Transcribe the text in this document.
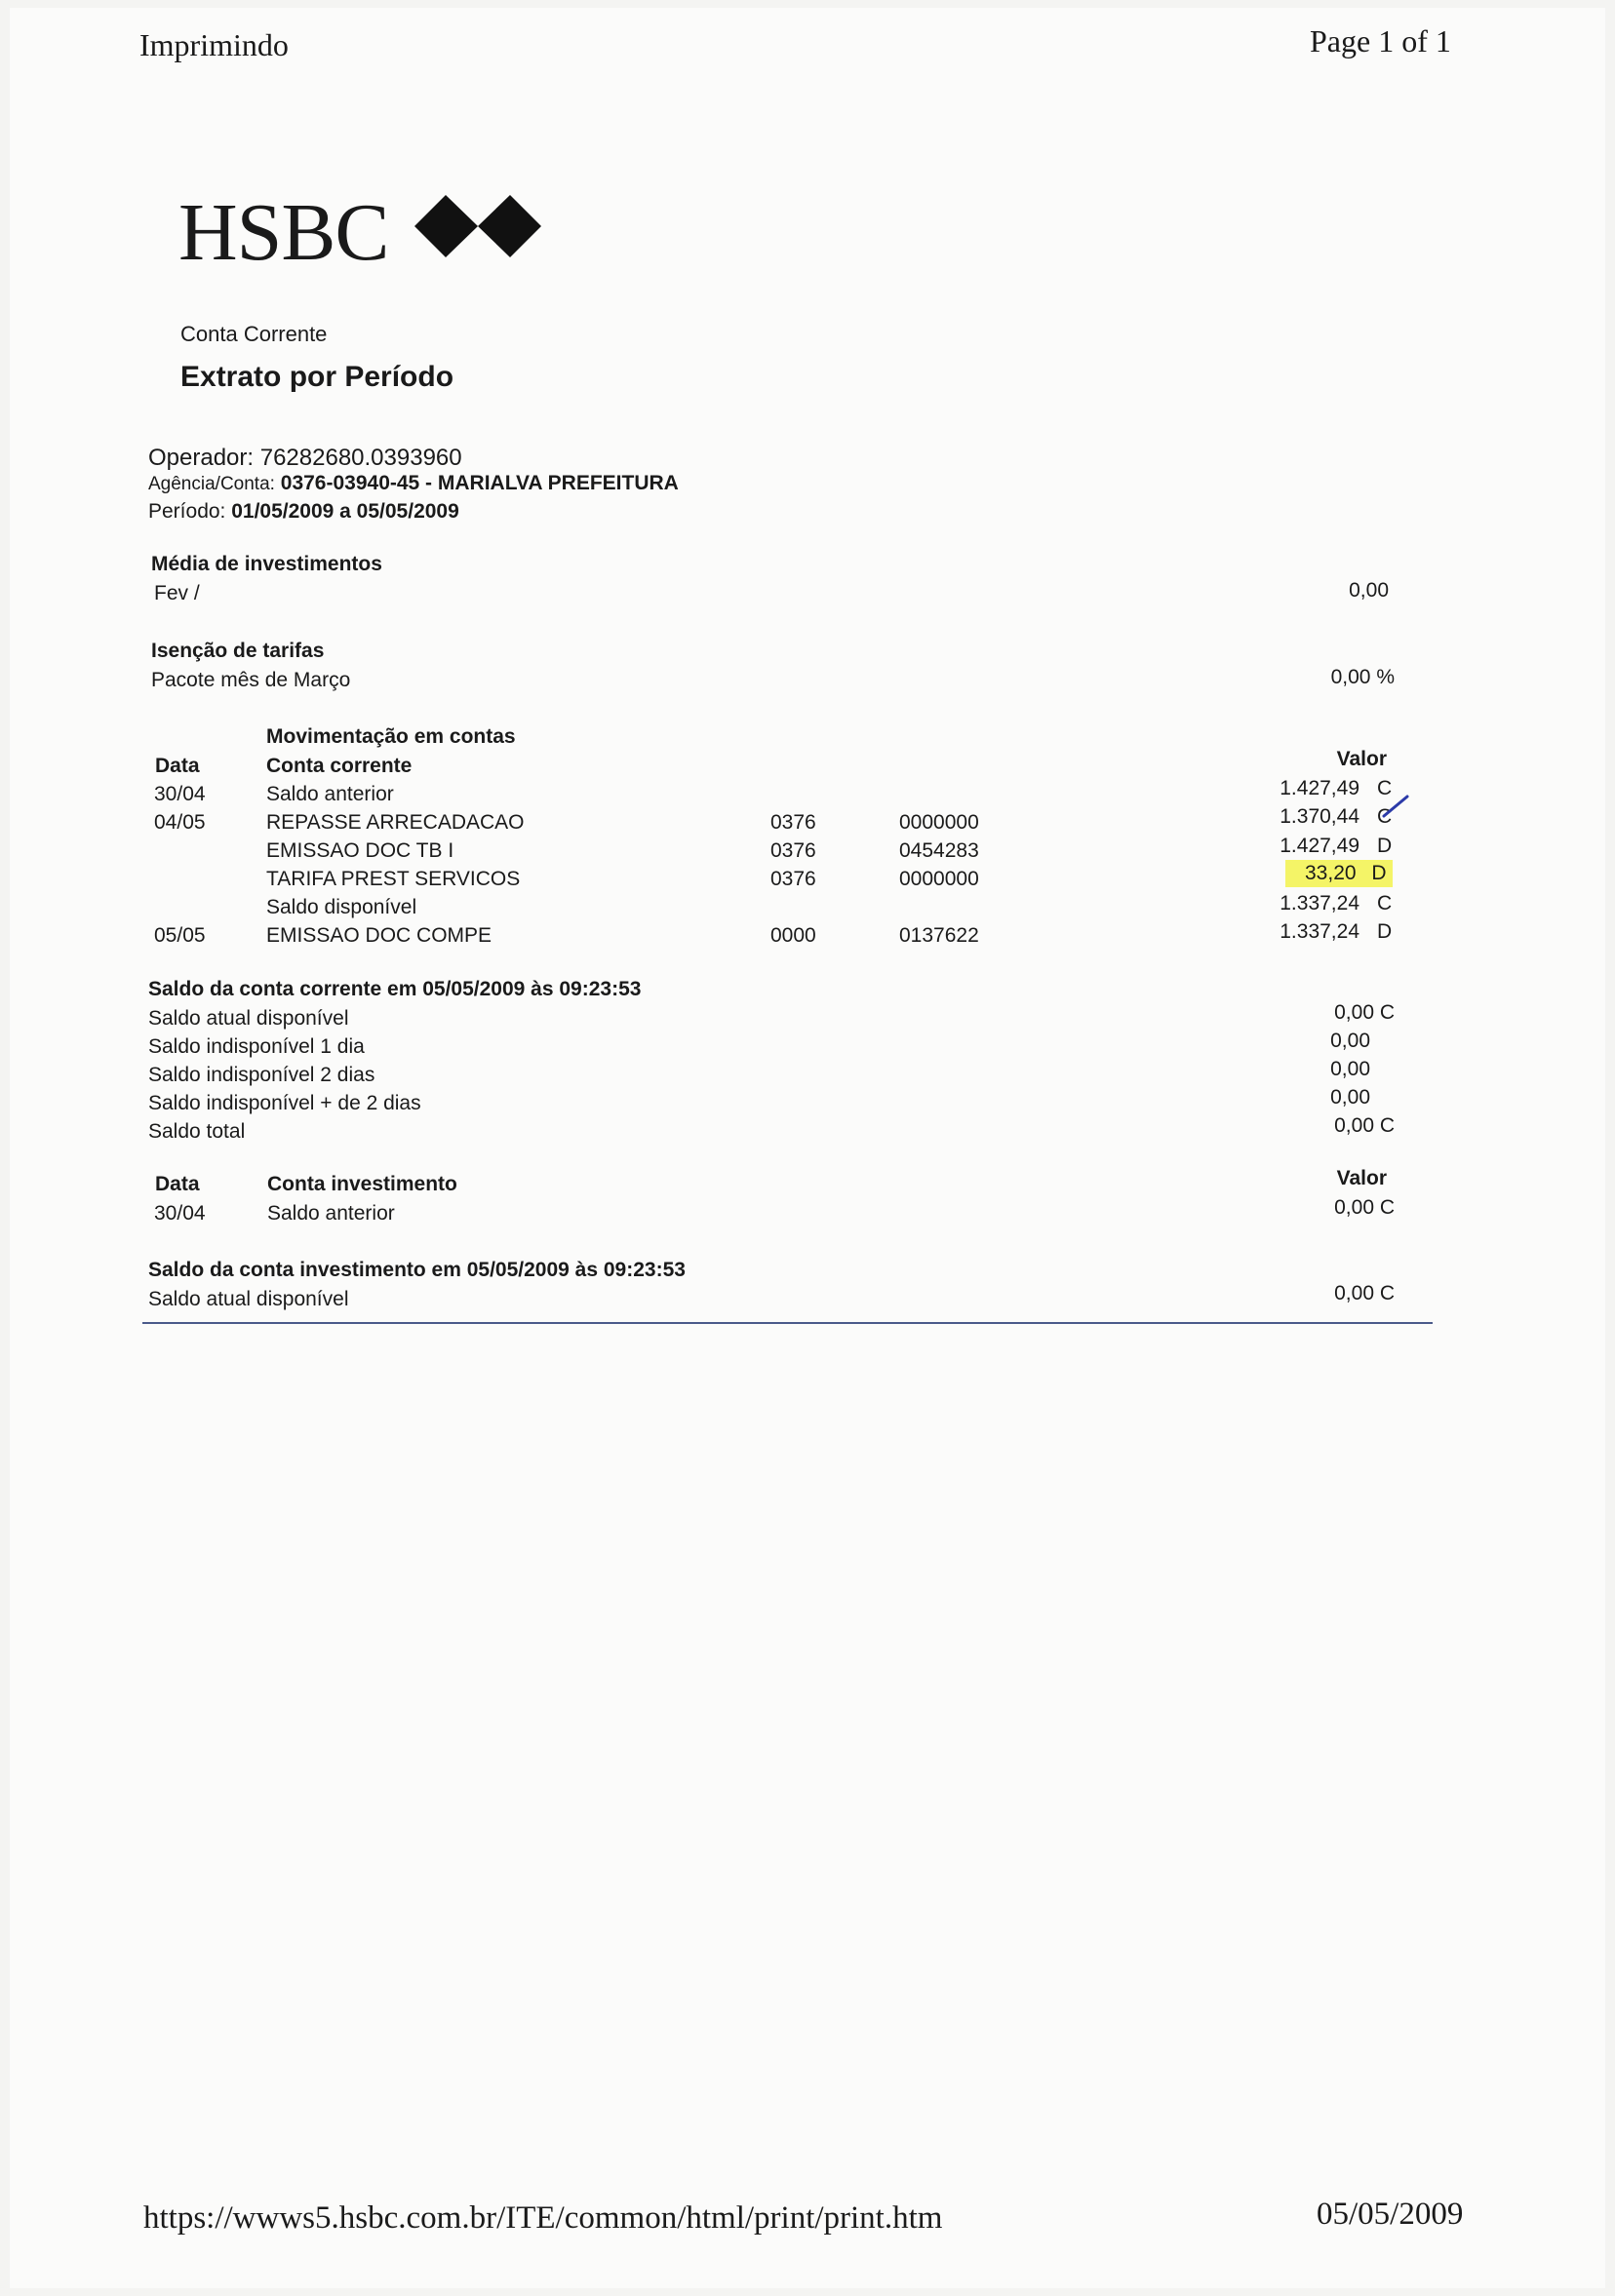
Imprimindo	Page 1 of 1
HSBC
Conta Corrente
Extrato por Período
Operador: 76282680.0393960
Agência/Conta: 0376-03940-45 - MARIALVA PREFEITURA
Período: 01/05/2009 a 05/05/2009
Média de investimentos
Fev /	0,00
Isenção de tarifas
Pacote mês de Março	0,00 %
Movimentação em contas
Data	Conta corrente	Valor
30/04	Saldo anterior	1.427,49 C
04/05	REPASSE ARRECADACAO	0376	0000000	1.370,44 C
EMISSAO DOC TB I	0376	0454283	1.427,49 D
TARIFA PREST SERVICOS	0376	0000000	33,20 D
Saldo disponível	1.337,24 C
05/05	EMISSAO DOC COMPE	0000	0137622	1.337,24 D
Saldo da conta corrente em 05/05/2009 às 09:23:53
Saldo atual disponível	0,00 C
Saldo indisponível 1 dia	0,00
Saldo indisponível 2 dias	0,00
Saldo indisponível + de 2 dias	0,00
Saldo total	0,00 C
Data	Conta investimento	Valor
30/04	Saldo anterior	0,00 C
Saldo da conta investimento em 05/05/2009 às 09:23:53
Saldo atual disponível	0,00 C
https://wwws5.hsbc.com.br/ITE/common/html/print/print.htm	05/05/2009
